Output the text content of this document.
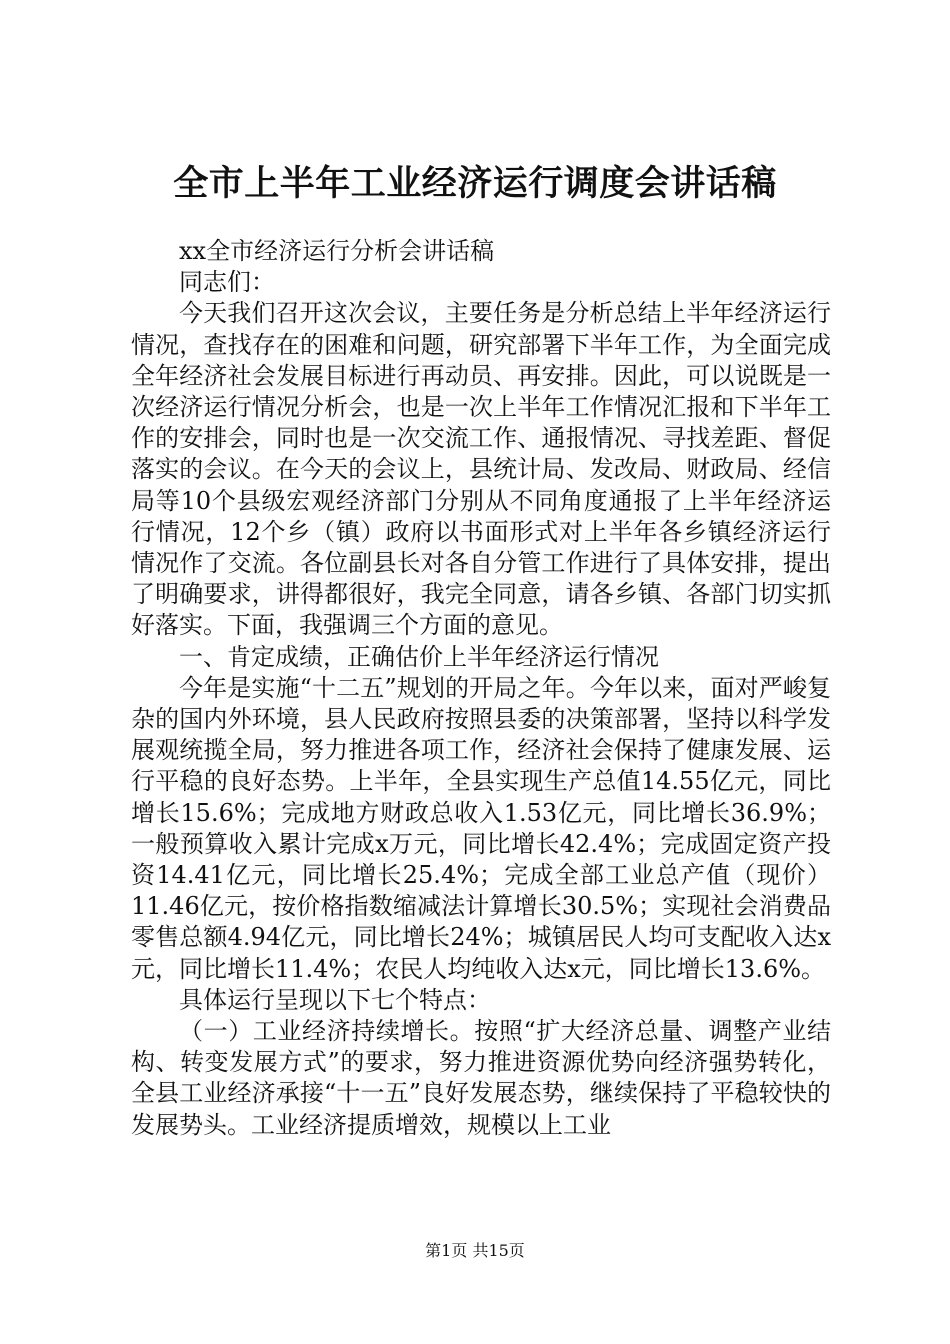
全市上半年工业经济运行调度会讲话稿

xx全市经济运行分析会讲话稿

同志们：

今天我们召开这次会议，主要任务是分析总结上半年经济运行情况，查找存在的困难和问题，研究部署下半年工作，为全面完成全年经济社会发展目标进行再动员、再安排。因此，可以说既是一次经济运行情况分析会，也是一次上半年工作情况汇报和下半年工作的安排会，同时也是一次交流工作、通报情况、寻找差距、督促落实的会议。在今天的会议上，县统计局、发改局、财政局、经信局等10个县级宏观经济部门分别从不同角度通报了上半年经济运行情况，12个乡（镇）政府以书面形式对上半年各乡镇经济运行情况作了交流。各位副县长对各自分管工作进行了具体安排，提出了明确要求，讲得都很好，我完全同意，请各乡镇、各部门切实抓好落实。下面，我强调三个方面的意见。

一、肯定成绩，正确估价上半年经济运行情况

今年是实施“十二五”规划的开局之年。今年以来，面对严峻复杂的国内外环境，县人民政府按照县委的决策部署，坚持以科学发展观统揽全局，努力推进各项工作，经济社会保持了健康发展、运行平稳的良好态势。上半年，全县实现生产总值14.55亿元，同比增长15.6%；完成地方财政总收入1.53亿元，同比增长36.9%；一般预算收入累计完成x万元，同比增长42.4%；完成固定资产投资14.41亿元，同比增长25.4%；完成全部工业总产值（现价）11.46亿元，按价格指数缩减法计算增长30.5%；实现社会消费品零售总额4.94亿元，同比增长24%；城镇居民人均可支配收入达x元，同比增长11.4%；农民人均纯收入达x元，同比增长13.6%。

具体运行呈现以下七个特点：

（一）工业经济持续增长。按照“扩大经济总量、调整产业结构、转变发展方式”的要求，努力推进资源优势向经济强势转化，全县工业经济承接“十一五”良好发展态势，继续保持了平稳较快的发展势头。工业经济提质增效，规模以上工业

第1页 共15页
